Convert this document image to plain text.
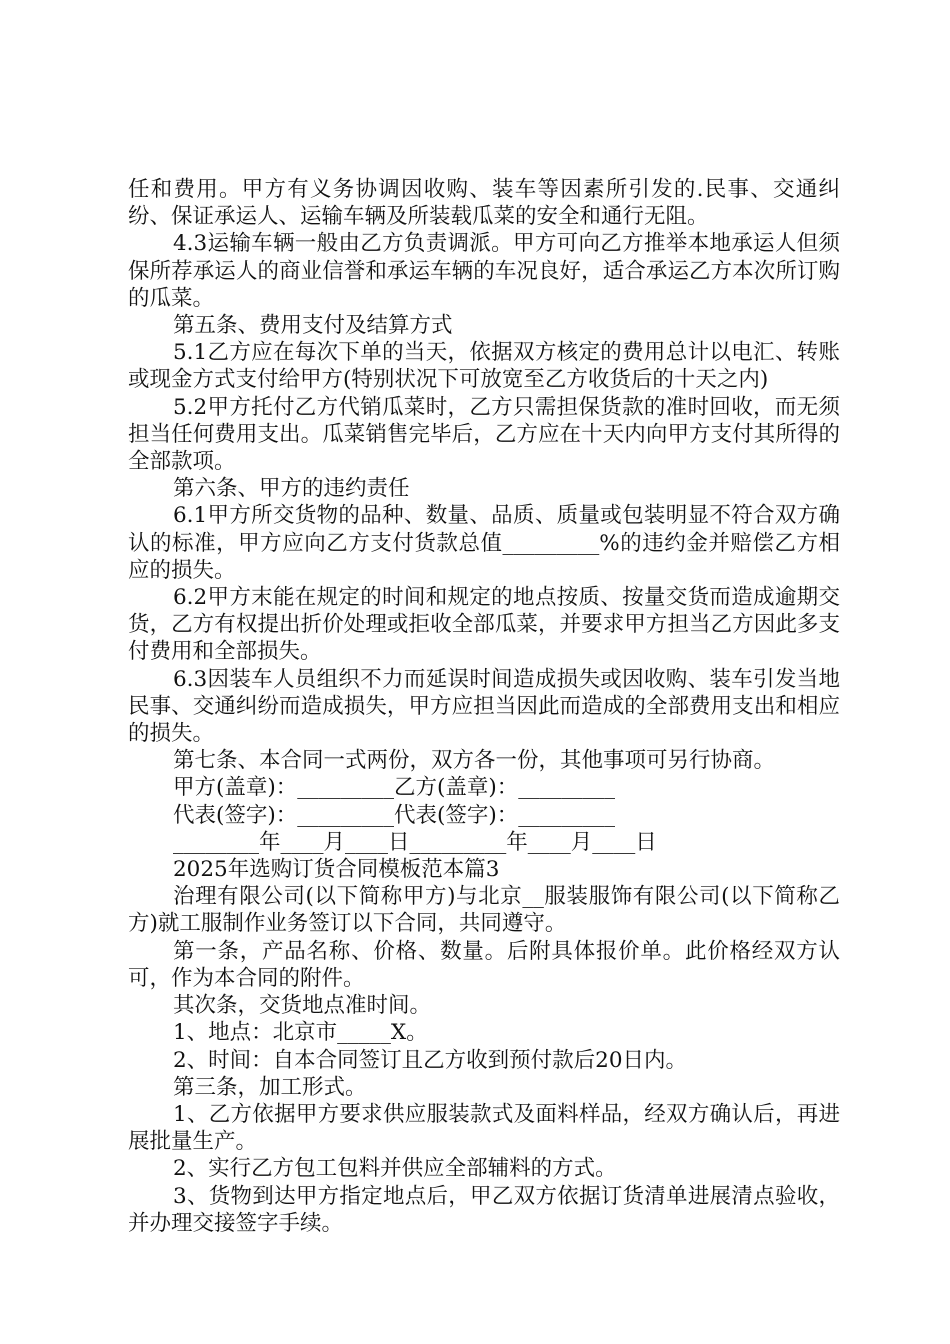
任和费用。甲方有义务协调因收购、装车等因素所引发的.民事、交通纠纷、保证承运人、运输车辆及所装载瓜菜的安全和通行无阻。

4.3运输车辆一般由乙方负责调派。甲方可向乙方推举本地承运人但须保所荐承运人的商业信誉和承运车辆的车况良好，适合承运乙方本次所订购的瓜菜。

第五条、费用支付及结算方式

5.1乙方应在每次下单的当天，依据双方核定的费用总计以电汇、转账或现金方式支付给甲方(特别状况下可放宽至乙方收货后的十天之内)

5.2甲方托付乙方代销瓜菜时，乙方只需担保货款的准时回收，而无须担当任何费用支出。瓜菜销售完毕后，乙方应在十天内向甲方支付其所得的全部款项。

第六条、甲方的违约责任

6.1甲方所交货物的品种、数量、品质、质量或包装明显不符合双方确认的标准，甲方应向乙方支付货款总值_________%的违约金并赔偿乙方相应的损失。

6.2甲方末能在规定的时间和规定的地点按质、按量交货而造成逾期交货，乙方有权提出折价处理或拒收全部瓜菜，并要求甲方担当乙方因此多支付费用和全部损失。

6.3因装车人员组织不力而延误时间造成损失或因收购、装车引发当地民事、交通纠纷而造成损失，甲方应担当因此而造成的全部费用支出和相应的损失。

第七条、本合同一式两份，双方各一份，其他事项可另行协商。

甲方(盖章)：_________乙方(盖章)：_________

代表(签字)：_________代表(签字)：_________

________年____月____日_________年____月____日

2025年选购订货合同模板范本篇3

治理有限公司(以下简称甲方)与北京__服装服饰有限公司(以下简称乙方)就工服制作业务签订以下合同，共同遵守。

第一条，产品名称、价格、数量。后附具体报价单。此价格经双方认可，作为本合同的附件。

其次条，交货地点准时间。

1、地点：北京市_____X。

2、时间：自本合同签订且乙方收到预付款后20日内。

第三条，加工形式。

1、乙方依据甲方要求供应服装款式及面料样品，经双方确认后，再进展批量生产。

2、实行乙方包工包料并供应全部辅料的方式。

3、货物到达甲方指定地点后，甲乙双方依据订货清单进展清点验收，并办理交接签字手续。
